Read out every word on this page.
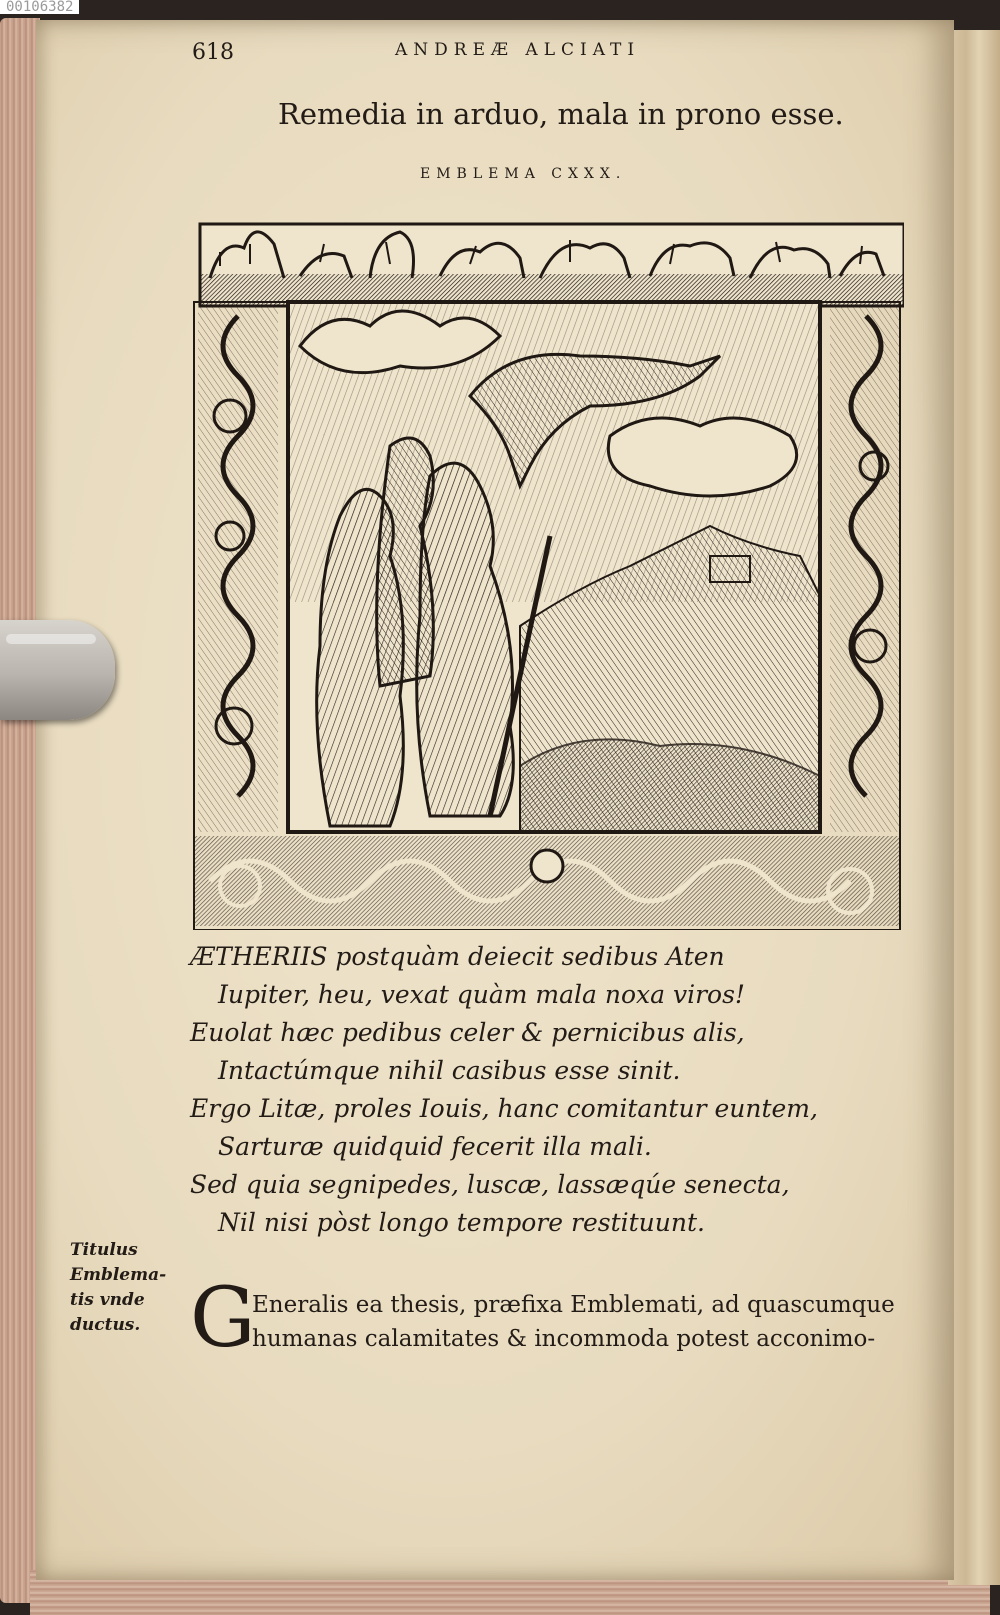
00106382
618	ANDREÆ ALCIATI
Remedia in arduo, mala in prono esse.
EMBLEMA CXXX.
ÆTHERIIS postquàm deiecit sedibus Aten
Iupiter, heu, vexat quàm mala noxa viros!
Euolat hæc pedibus celer & pernicibus alis,
Intactúmque nihil casibus esse sinit.
Ergo Litæ, proles Iouis, hanc comitantur euntem,
Sarturæ quidquid fecerit illa mali.
Sed quia segnipedes, luscæ, lassæqúe senecta,
Nil nisi pòst longo tempore restituunt.
Titulus
Emblema-
tis vnde
ductus. G
Eneralis ea thesis, præfixa Emblemati, ad quascumque
humanas calamitates & incommoda potest acconimo-
